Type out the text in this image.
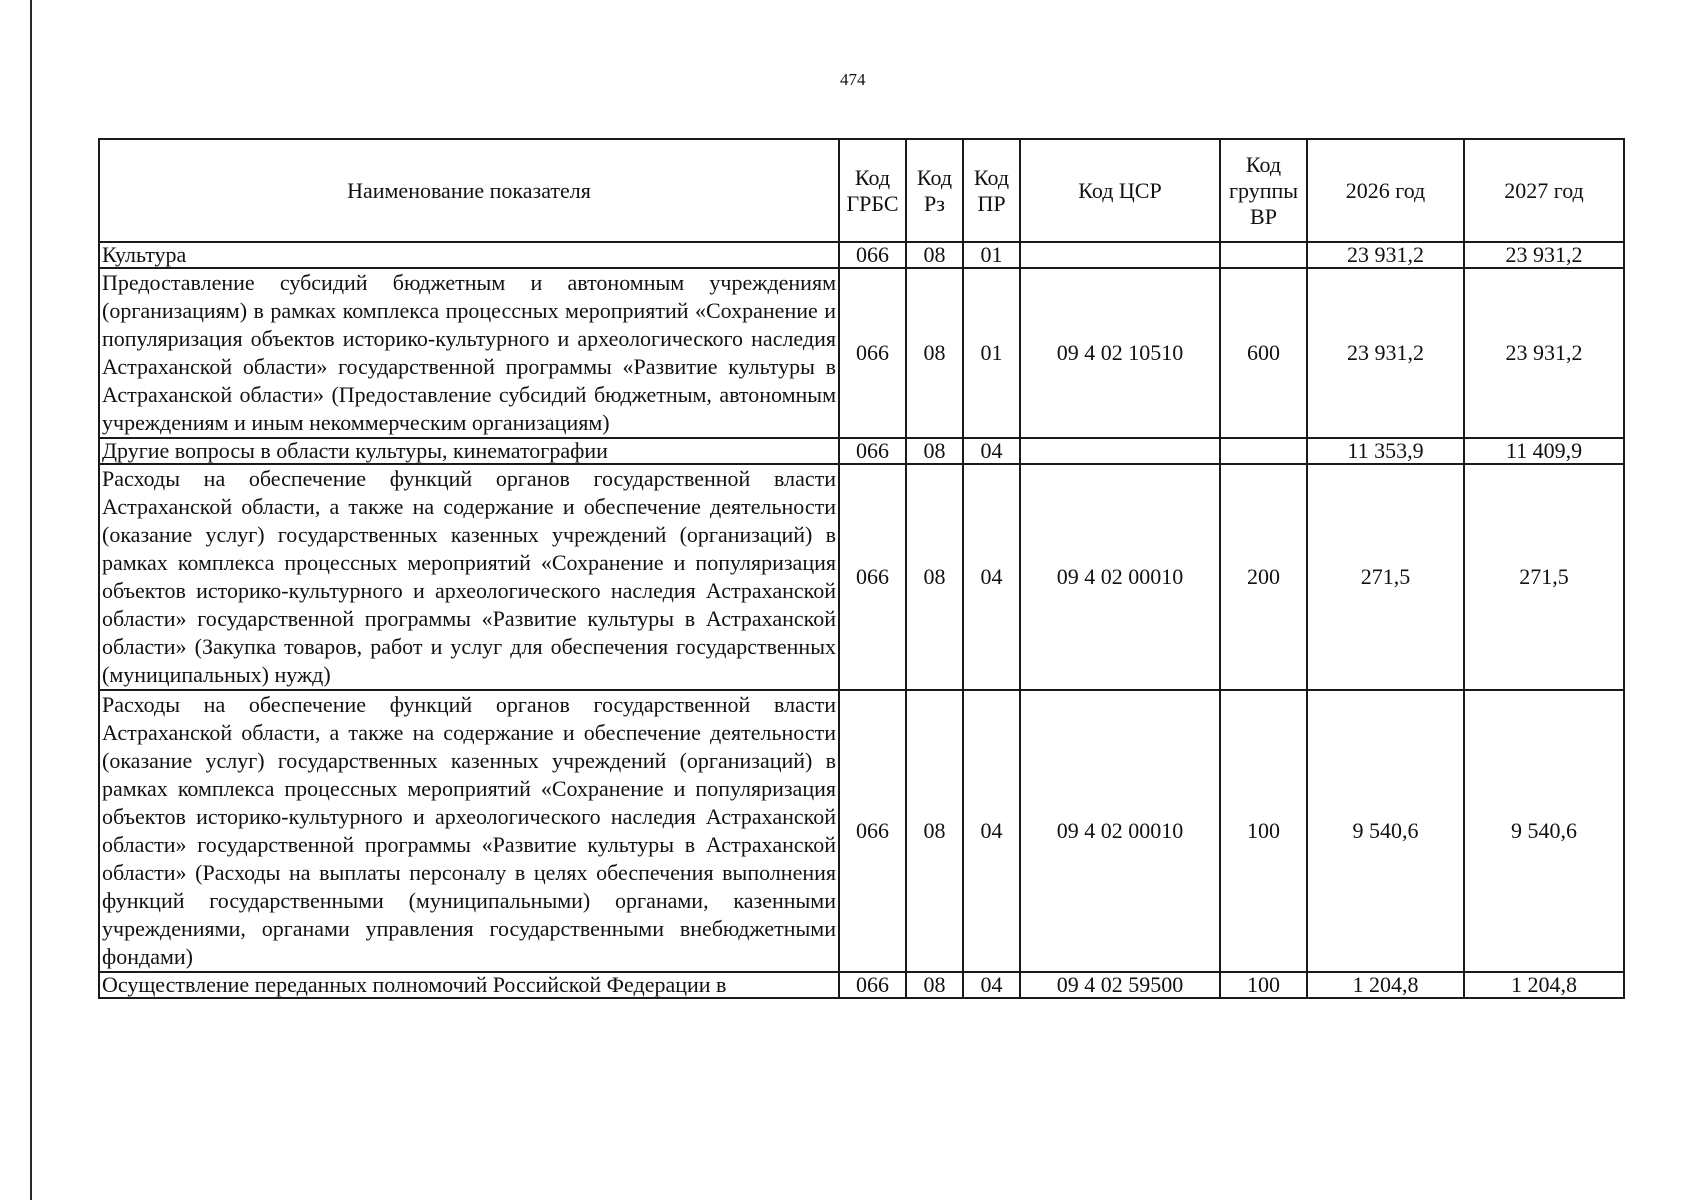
474
Наименование показателя	Код ГРБС	Код Рз	Код ПР	Код ЦСР	Код группы ВР	2026 год	2027 год
Культура	066	08	01			23 931,2	23 931,2
Предоставление субсидий бюджетным и автономным учреждениям (организациям) в рамках комплекса процессных мероприятий «Сохранение и популяризация объектов историко-культурного и археологического наследия Астраханской области» государственной программы «Развитие культуры в Астраханской области» (Предоставление субсидий бюджетным, автономным учреждениям и иным некоммерческим организациям)	066	08	01	09 4 02 10510	600	23 931,2	23 931,2
Другие вопросы в области культуры, кинематографии	066	08	04			11 353,9	11 409,9
Расходы на обеспечение функций органов государственной власти Астраханской области, а также на содержание и обеспечение деятельности (оказание услуг) государственных казенных учреждений (организаций) в рамках комплекса процессных мероприятий «Сохранение и популяризация объектов историко-культурного и археологического наследия Астраханской области» государственной программы «Развитие культуры в Астраханской области» (Закупка товаров, работ и услуг для обеспечения государственных (муниципальных) нужд)	066	08	04	09 4 02 00010	200	271,5	271,5
Расходы на обеспечение функций органов государственной власти Астраханской области, а также на содержание и обеспечение деятельности (оказание услуг) государственных казенных учреждений (организаций) в рамках комплекса процессных мероприятий «Сохранение и популяризация объектов историко-культурного и археологического наследия Астраханской области» государственной программы «Развитие культуры в Астраханской области» (Расходы на выплаты персоналу в целях обеспечения выполнения функций государственными (муниципальными) органами, казенными учреждениями, органами управления государственными внебюджетными фондами)	066	08	04	09 4 02 00010	100	9 540,6	9 540,6
Осуществление переданных полномочий Российской Федерации в	066	08	04	09 4 02 59500	100	1 204,8	1 204,8
